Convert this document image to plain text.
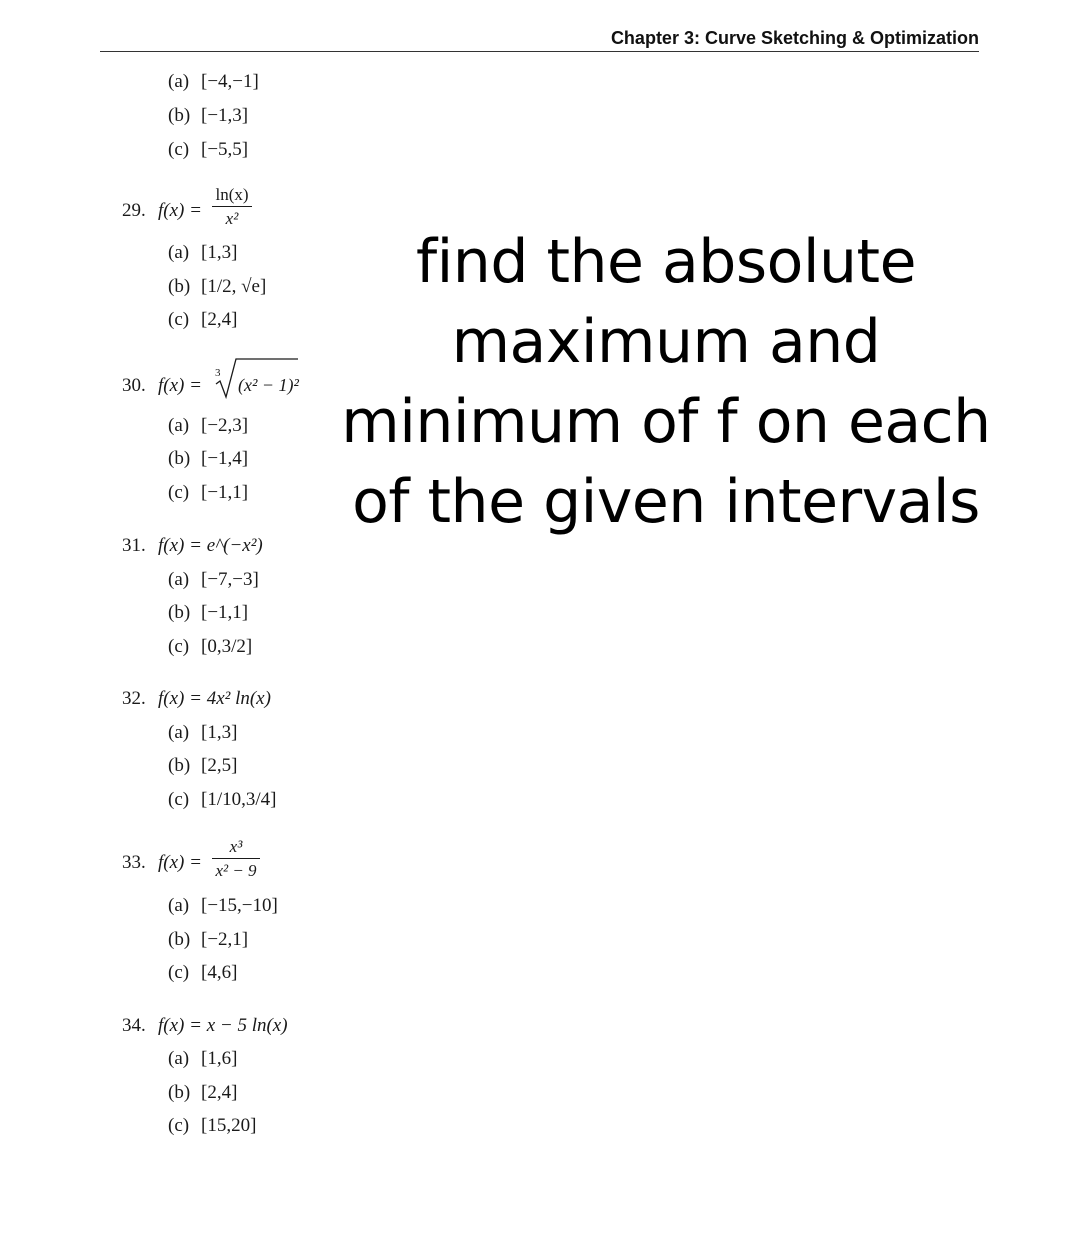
Chapter 3: Curve Sketching & Optimization
(a) [−4,−1]
(b) [−1,3]
(c) [−5,5]
29. f(x) =
ln(x)
x²
(a) [1,3]
(b) [1/2, √e]
(c) [2,4]
30. f(x) =
3
(x² − 1)²
(a) [−2,3]
(b) [−1,4]
(c) [−1,1]
31. f(x) = e^(−x²)
(a) [−7,−3]
(b) [−1,1]
(c) [0,3/2]
32. f(x) = 4x² ln(x)
(a) [1,3]
(b) [2,5]
(c) [1/10,3/4]
33. f(x) =
x³
x² − 9
(a) [−15,−10]
(b) [−2,1]
(c) [4,6]
34. f(x) = x − 5 ln(x)
(a) [1,6]
(b) [2,4]
(c) [15,20]
find the absolute
maximum and
minimum of f on each
of the given intervals
